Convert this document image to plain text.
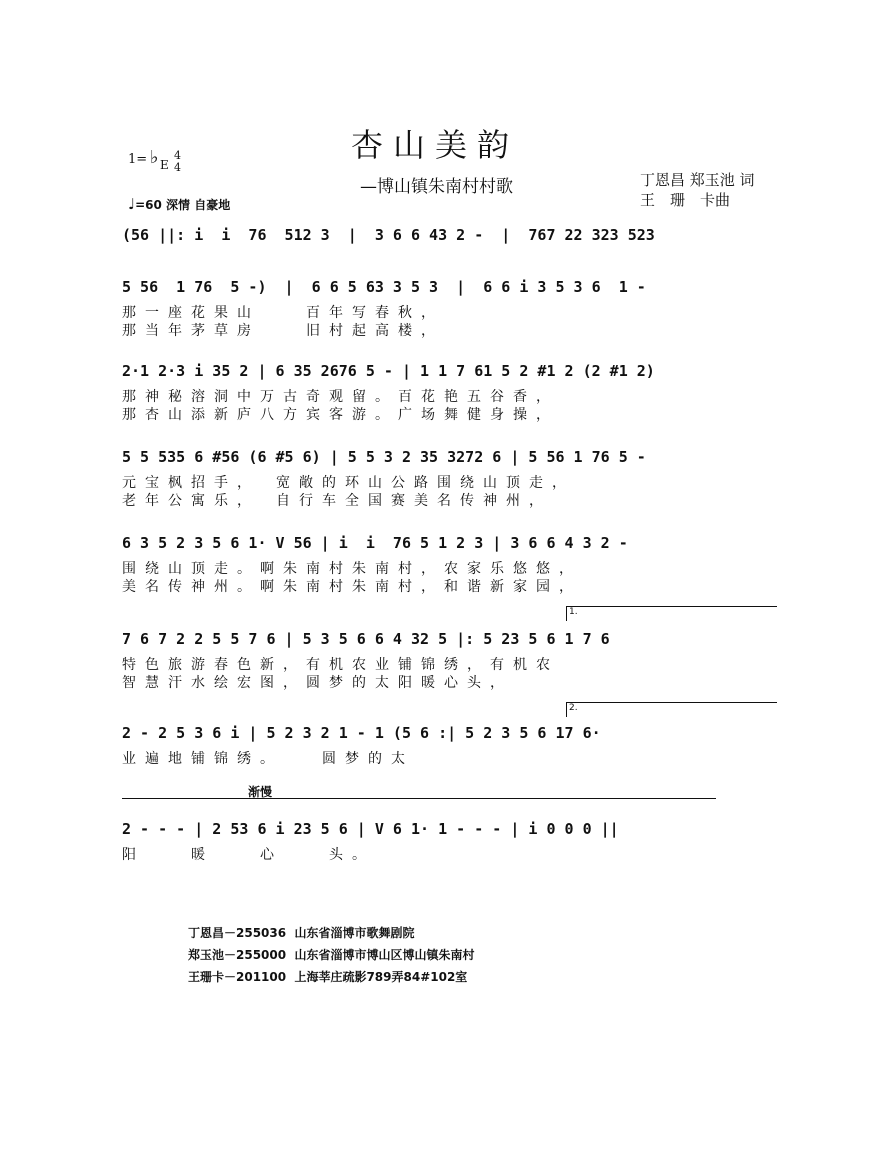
杏山美韵
—博山镇朱南村村歌	丁恩昌 郑玉池 词
王　珊　卡曲
1= ♭ E
4
4
♩=60 深情 自豪地
(56 ||: i  i  76  512 3  |  3 6 6 43 2 -  |  767 22 323 523
5 56  1 76  5 -)  |  6 6 5 63 3 5 3  |  6 6 i 3 5 3 6  1 -
那一座花果山　　百年写春秋，
那当年茅草房　　旧村起高楼，
2·1 2·3 i 35 2 | 6 35 2676 5 - | 1 1 7 61 5 2 #1 2 (2 #1 2)
那神秘溶洞中万古奇观留。百花艳五谷香，
那杏山添新庐八方宾客游。广场舞健身操，
5 5 535 6 #56 (6 #5 6) | 5 5 3 2 35 3272 6 | 5 56 1 76 5 -
元宝枫招手，　宽敞的环山公路围绕山顶走，
老年公寓乐，　自行车全国赛美名传神州，
6 3 5 2 3 5 6 1· V 56 | i  i  76 5 1 2 3 | 3 6 6 4 3 2 -
围绕山顶走。啊朱南村朱南村，农家乐悠悠，
美名传神州。啊朱南村朱南村，和谐新家园，
7 6 7 2 2 5 5 7 6 | 5 3 5 6 6 4 32 5 |: 5 23 5 6 1 7 6
特色旅游春色新，有机农业铺锦绣，有机农
智慧汗水绘宏图，圆梦的太阳暖心头，
2 - 2 5 3 6 i | 5 2 3 2 1 - 1 (5 6 :| 5 2 3 5 6 17 6·
业遍地铺锦绣。　　圆梦的太
渐慢
2 - - - | 2 53 6 i 23 5 6 | V 6 1· 1 - - - | i 0 0 0 ||
阳　　暖　　心　　头。
1.
2.
丁恩昌－255036  山东省淄博市歌舞剧院
郑玉池－255000  山东省淄博市博山区博山镇朱南村
王珊卡－201100  上海莘庄疏影789弄84#102室
